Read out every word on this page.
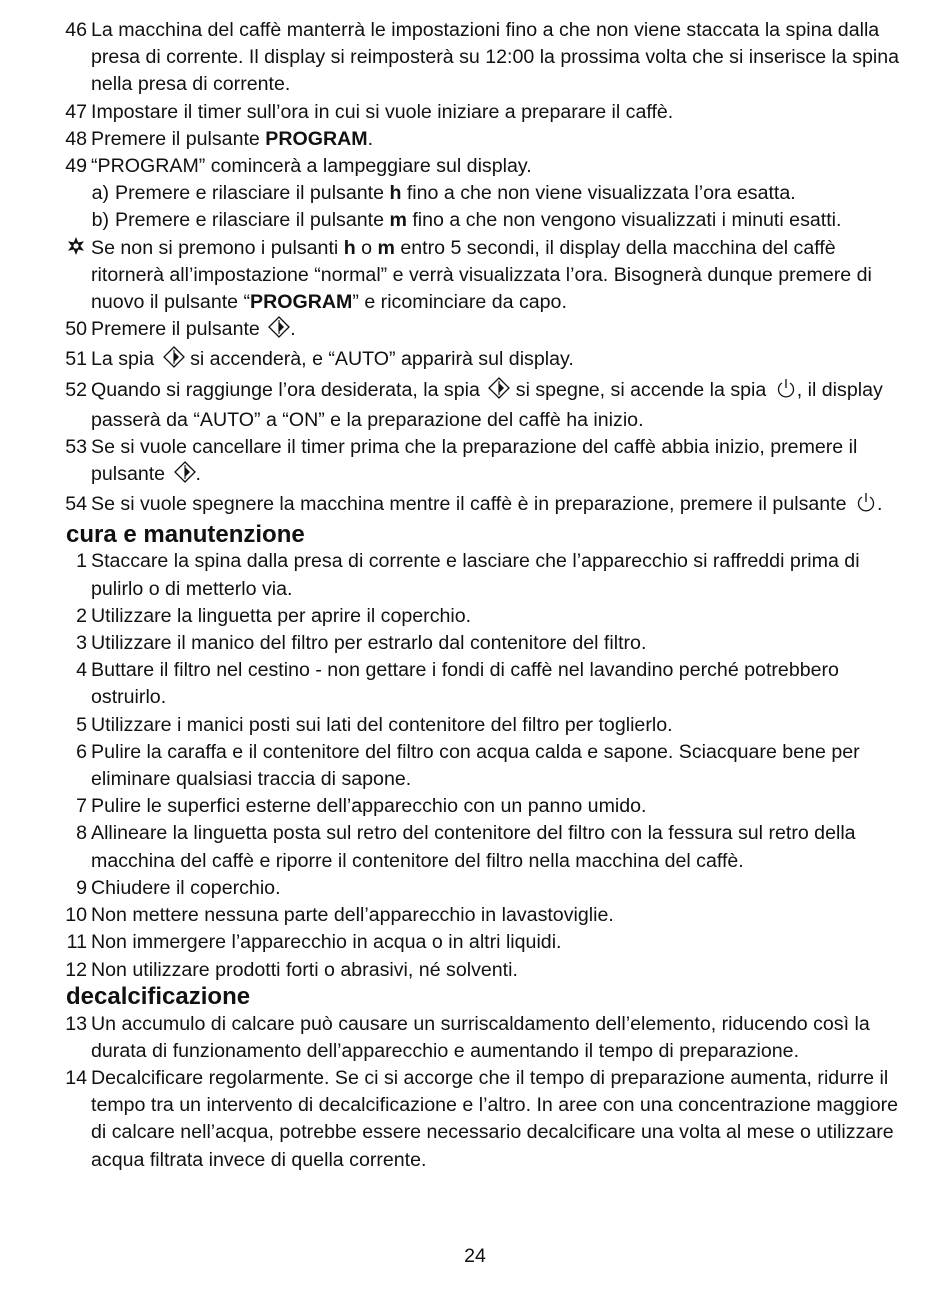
46 La macchina del caffè manterrà le impostazioni fino a che non viene staccata la spina dalla presa di corrente. Il display si reimposterà su 12:00 la prossima volta che si inserisce la spina nella presa di corrente.
47 Impostare il timer sull’ora in cui si vuole iniziare a preparare il caffè.
48 Premere il pulsante PROGRAM.
49 “PROGRAM” comincerà a lampeggiare sul display.
a) Premere e rilasciare il pulsante h fino a che non viene visualizzata l’ora esatta.
b) Premere e rilasciare il pulsante m fino a che non vengono visualizzati i minuti esatti.
Se non si premono i pulsanti h o m entro 5 secondi, il display della macchina del caffè ritornerà all’impostazione “normal” e verrà visualizzata l’ora. Bisognerà dunque premere di nuovo il pulsante “PROGRAM” e ricominciare da capo.
50 Premere il pulsante .
51 La spia  si accenderà, e “AUTO” apparirà sul display.
52 Quando si raggiunge l’ora desiderata, la spia  si spegne, si accende la spia , il display passerà da “AUTO” a “ON” e la preparazione del caffè ha inizio.
53 Se si vuole cancellare il timer prima che la preparazione del caffè abbia inizio, premere il pulsante .
54 Se si vuole spegnere la macchina mentre il caffè è in preparazione, premere il pulsante .
cura e manutenzione
1 Staccare la spina dalla presa di corrente e lasciare che l’apparecchio si raffreddi prima di pulirlo o di metterlo via.
2 Utilizzare la linguetta per aprire il coperchio.
3 Utilizzare il manico del filtro per estrarlo dal contenitore del filtro.
4 Buttare il filtro nel cestino - non gettare i fondi di caffè nel lavandino perché potrebbero ostruirlo.
5 Utilizzare i manici posti sui lati del contenitore del filtro per toglierlo.
6 Pulire la caraffa e il contenitore del filtro con acqua calda e sapone. Sciacquare bene per eliminare qualsiasi traccia di sapone.
7 Pulire le superfici esterne dell’apparecchio con un panno umido.
8 Allineare la linguetta posta sul retro del contenitore del filtro con la fessura sul retro della macchina del caffè e riporre il contenitore del filtro nella macchina del caffè.
9 Chiudere il coperchio.
10 Non mettere nessuna parte dell’apparecchio in lavastoviglie.
11 Non immergere l’apparecchio in acqua o in altri liquidi.
12 Non utilizzare prodotti forti o abrasivi, né solventi.
decalcificazione
13 Un accumulo di calcare può causare un surriscaldamento dell’elemento, riducendo così la durata di funzionamento dell’apparecchio e aumentando il tempo di preparazione.
14 Decalcificare regolarmente. Se ci si accorge che il tempo di preparazione aumenta, ridurre il tempo tra un intervento di decalcificazione e l’altro. In aree con una concentrazione maggiore di calcare nell’acqua, potrebbe essere necessario decalcificare una volta al mese o utilizzare acqua filtrata invece di quella corrente.
24
